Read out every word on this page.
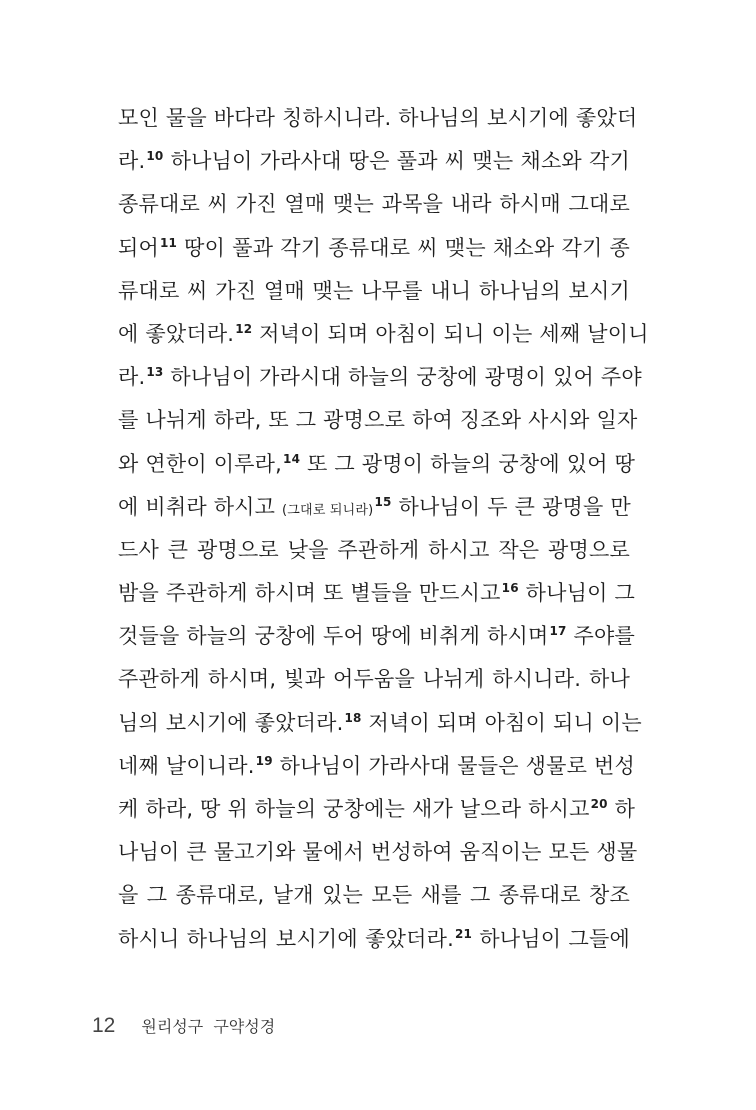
모인 물을 바다라 칭하시니라. 하나님의 보시기에 좋았더
라.$^{10}$ 하나님이 가라사대 땅은 풀과 씨 맺는 채소와 각기
종류대로 씨 가진 열매 맺는 과목을 내라 하시매 그대로
되어$^{11}$ 땅이 풀과 각기 종류대로 씨 맺는 채소와 각기 종
류대로 씨 가진 열매 맺는 나무를 내니 하나님의 보시기
에 좋았더라.$^{12}$ 저녁이 되며 아침이 되니 이는 세째 날이니
라.$^{13}$ 하나님이 가라시대 하늘의 궁창에 광명이 있어 주야
를 나뉘게 하라, 또 그 광명으로 하여 징조와 사시와 일자
와 연한이 이루라,$^{14}$ 또 그 광명이 하늘의 궁창에 있어 땅
에 비취라 하시고 (그대로 되니라)$^{15}$ 하나님이 두 큰 광명을 만
드사 큰 광명으로 낮을 주관하게 하시고 작은 광명으로
밤을 주관하게 하시며 또 별들을 만드시고$^{16}$ 하나님이 그
것들을 하늘의 궁창에 두어 땅에 비취게 하시며$^{17}$ 주야를
주관하게 하시며, 빛과 어두움을 나뉘게 하시니라. 하나
님의 보시기에 좋았더라.$^{18}$ 저녁이 되며 아침이 되니 이는
네째 날이니라.$^{19}$ 하나님이 가라사대 물들은 생물로 번성
케 하라, 땅 위 하늘의 궁창에는 새가 날으라 하시고$^{20}$ 하
나님이 큰 물고기와 물에서 번성하여 움직이는 모든 생물
을 그 종류대로, 날개 있는 모든 새를 그 종류대로 창조
하시니 하나님의 보시기에 좋았더라.$^{21}$ 하나님이 그들에
12 원리성구  구약성경
